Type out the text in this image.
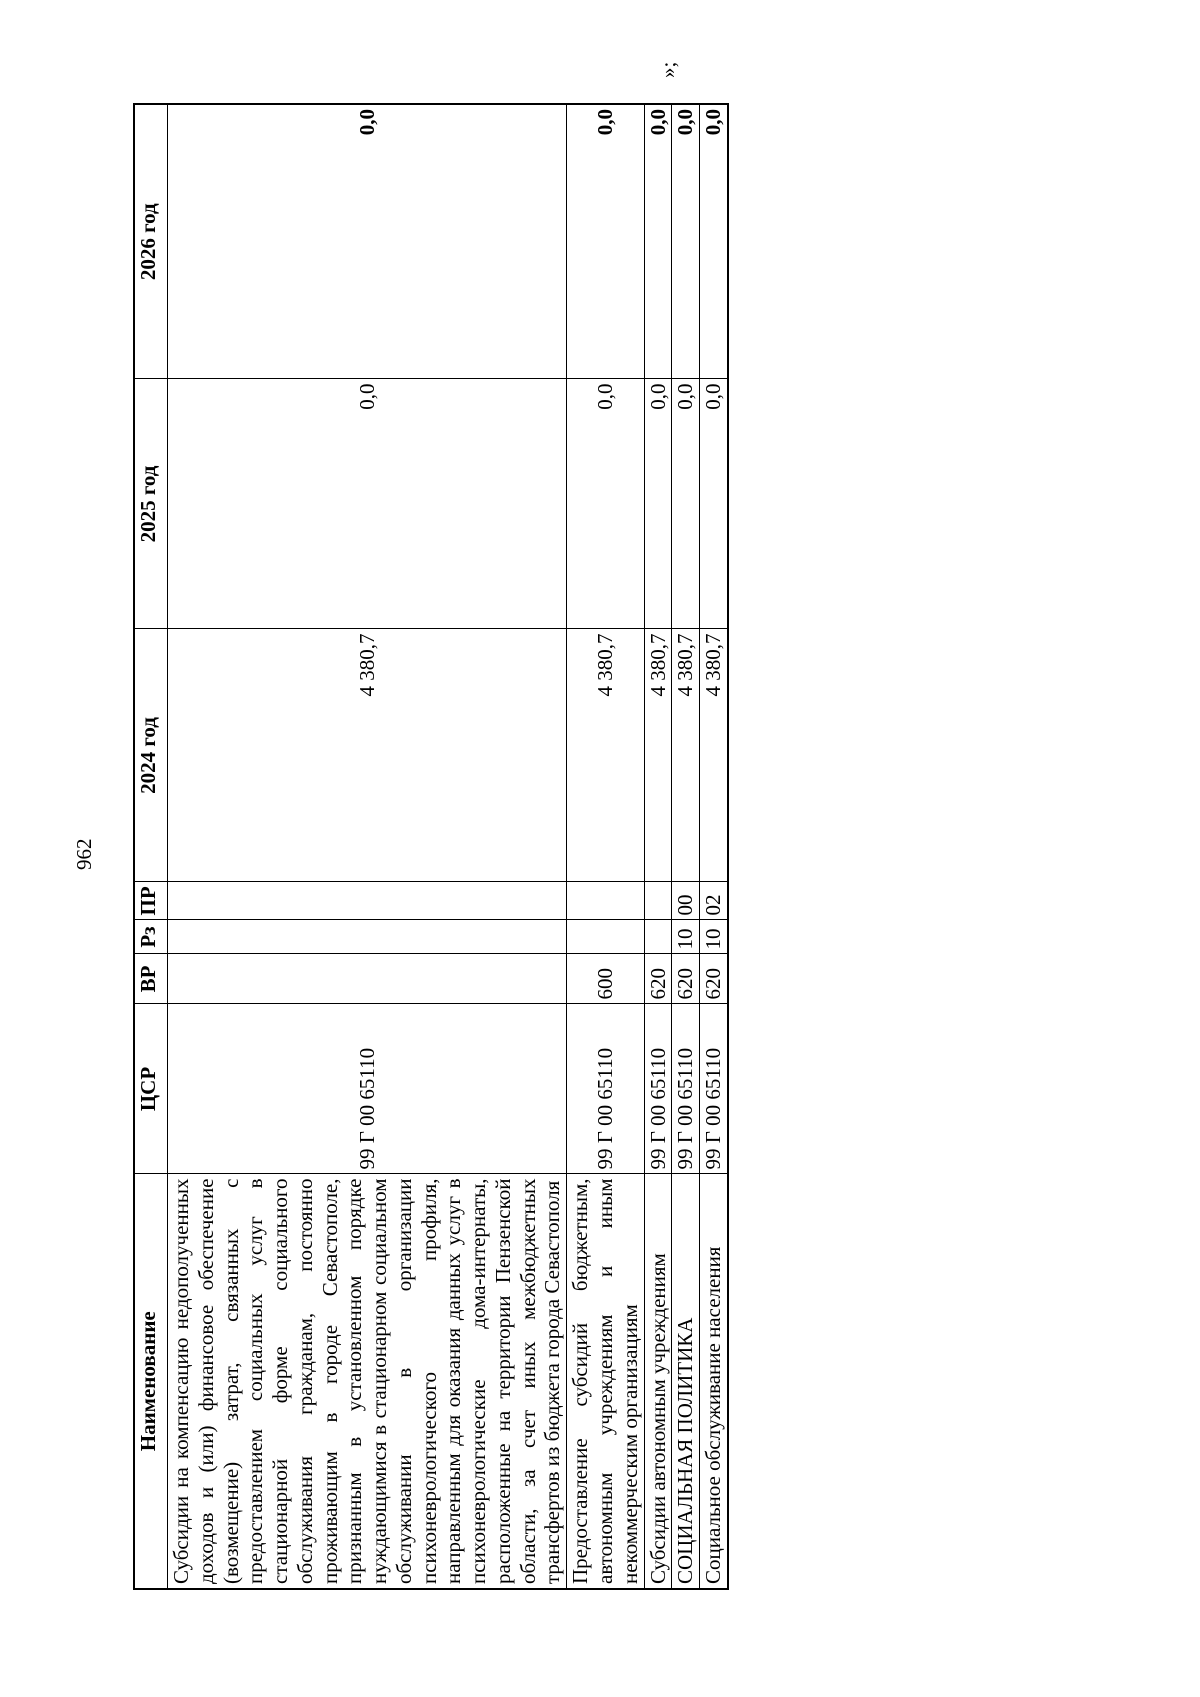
962
Наименование	ЦСР	ВР	Рз	ПР	2024 год	2025 год	2026 год
Субсидии на компенсацию недополученных доходов и (или) финансовое обеспечение (возмещение) затрат, связанных с предоставлением социальных услуг в стационарной форме социального обслуживания гражданам, постоянно проживающим в городе Севастополе, признанным в установленном порядке нуждающимися в стационарном социальном обслуживании в организации психоневрологического профиля, направленным для оказания данных услуг в психоневрологические дома-интернаты, расположенные на территории Пензенской области, за счет иных межбюджетных трансфертов из бюджета города Севастополя	99 Г 00 65110				4 380,7	0,0	0,0
Предоставление субсидий бюджетным, автономным учреждениям и иным некоммерческим организациям	99 Г 00 65110	600			4 380,7	0,0	0,0
Субсидии автономным учреждениям	99 Г 00 65110	620			4 380,7	0,0	0,0
СОЦИАЛЬНАЯ ПОЛИТИКА	99 Г 00 65110	620	10	00	4 380,7	0,0	0,0
Социальное обслуживание населения	99 Г 00 65110	620	10	02	4 380,7	0,0	0,0
»;
